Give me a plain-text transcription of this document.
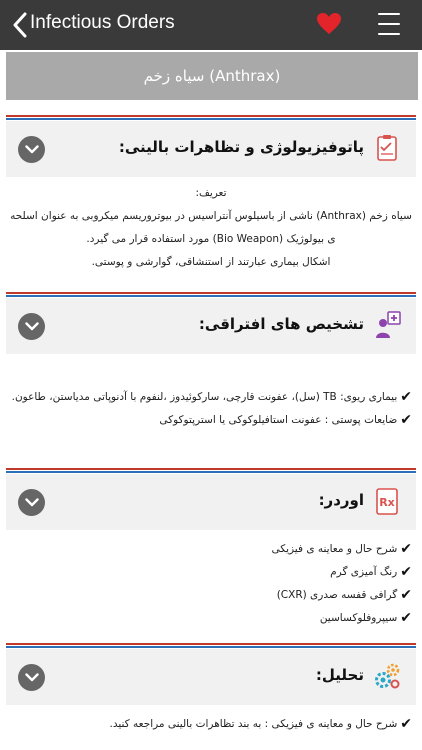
Infectious Orders
سیاه زخم (Anthrax)
پاتوفیزیولوژی و تظاهرات بالینی:

تعریف:

سیاه زخم (Anthrax) ناشی از باسیلوس آنتراسیس در بیوتروریسم میکروبی به عنوان اسلحه

ی بیولوژیک (Bio Weapon) مورد استفاده قرار می گیرد.

اشکال بیماری عبارتند از استنشاقی، گوارشی و پوستی.

تشخیص های افتراقی:
✔
بیماری ریوی: TB (سل)، عفونت قارچی، سارکوئیدوز ،لنفوم با آدنوپاتی مدیاستن، طاعون.
✔
ضایعات پوستی : عفونت استافیلوکوکی یا استرپتوکوکی
اوردر: Rx
✔
شرح حال و معاینه ی فیزیکی
✔
رنگ آمیزی گرم
✔
گرافی قفسه صدری (CXR)
✔
سیپروفلوکساسین
تحلیل:
✔
شرح حال و معاینه ی فیزیکی : به بند تظاهرات بالینی مراجعه کنید.
